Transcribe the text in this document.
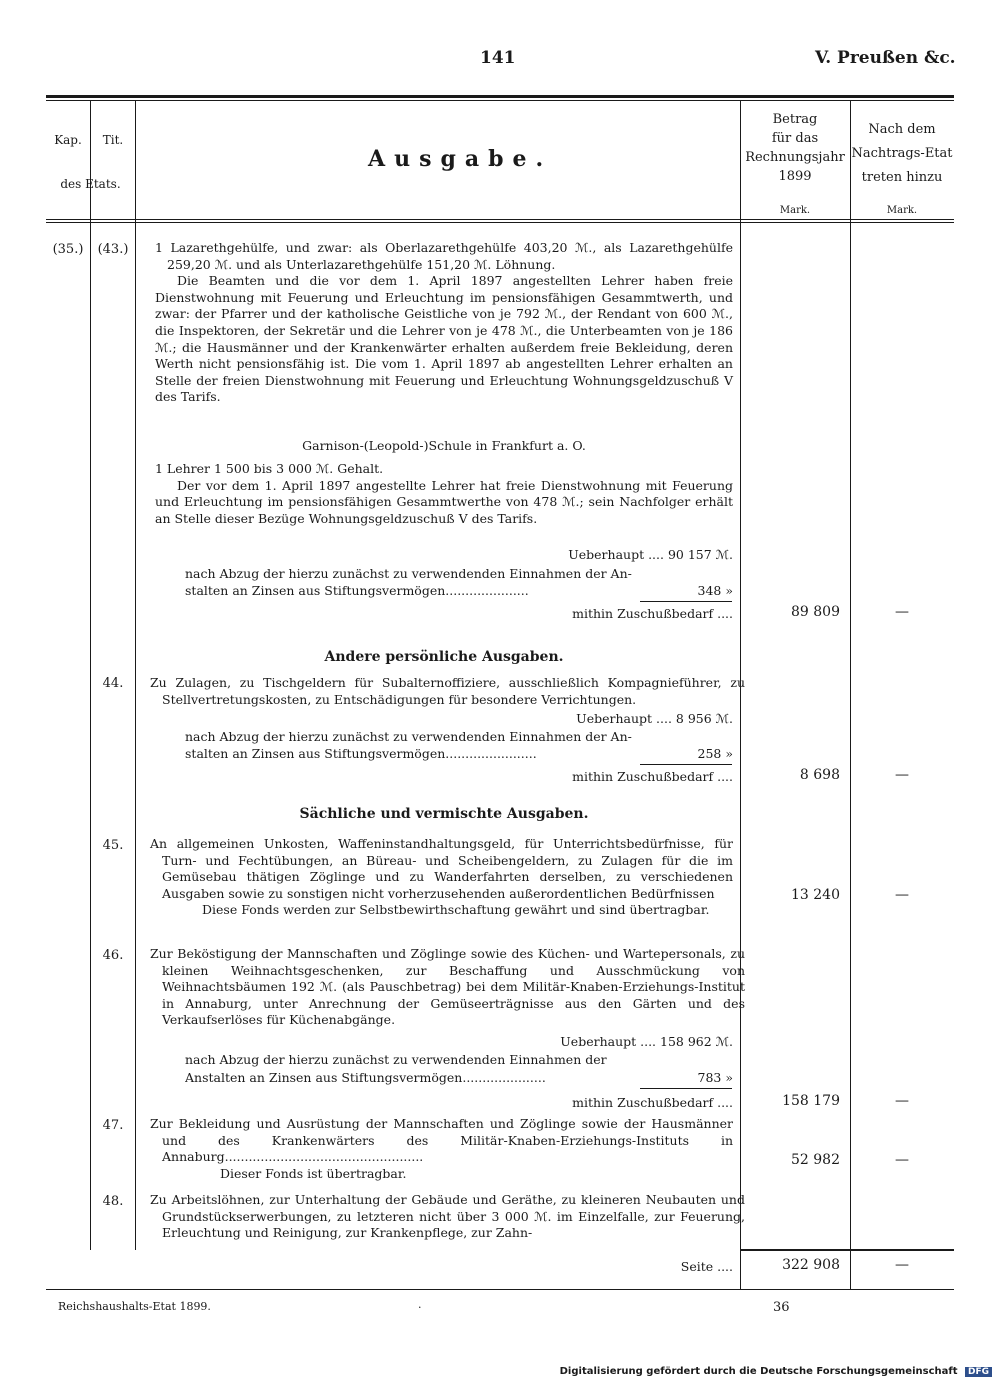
141	V. Preußen &c.
Kap.	Tit.
des Etats.
Ausgabe.
Betrag
für das
Rechnungsjahr
1899
Nach dem
Nachtrags-Etat
treten hinzu
Mark.	Mark.
(35.)	(43.)	1 Lazarethgehülfe, und zwar: als Oberlazarethgehülfe 403,20 ℳ., als Lazarethgehülfe 259,20 ℳ. und als Unterlazarethgehülfe 151,20 ℳ. Löhnung.

Die Beamten und die vor dem 1. April 1897 angestellten Lehrer haben freie Dienstwohnung mit Feuerung und Erleuchtung im pensionsfähigen Gesammtwerth, und zwar: der Pfarrer und der katholische Geistliche von je 792 ℳ., der Rendant von 600 ℳ., die Inspektoren, der Sekretär und die Lehrer von je 478 ℳ., die Unterbeamten von je 186 ℳ.; die Hausmänner und der Krankenwärter erhalten außerdem freie Bekleidung, deren Werth nicht pensionsfähig ist. Die vom 1. April 1897 ab angestellten Lehrer erhalten an Stelle der freien Dienstwohnung mit Feuerung und Erleuchtung Wohnungsgeldzuschuß V des Tarifs.

Garnison-(Leopold-)Schule in Frankfurt a. O.

1 Lehrer 1 500 bis 3 000 ℳ. Gehalt.

Der vor dem 1. April 1897 angestellte Lehrer hat freie Dienstwohnung mit Feuerung und Erleuchtung im pensionsfähigen Gesammtwerthe von 478 ℳ.; sein Nachfolger erhält an Stelle dieser Bezüge Wohnungsgeldzuschuß V des Tarifs.

Ueberhaupt .... 90 157 ℳ.
nach Abzug der hierzu zunächst zu verwendenden Einnahmen der An-
stalten an Zinsen aus Stiftungsvermögen.....................	348 »
mithin Zuschußbedarf ....	89 809	—
Andere persönliche Ausgaben.
44.	Zu Zulagen, zu Tischgeldern für Subalternoffiziere, ausschließlich Kompagnieführer, zu Stellvertretungskosten, zu Entschädigungen für besondere Verrichtungen.
Ueberhaupt .... 8 956 ℳ.
nach Abzug der hierzu zunächst zu verwendenden Einnahmen der An-
stalten an Zinsen aus Stiftungsvermögen.......................	258 »
mithin Zuschußbedarf ....	8 698	—
Sächliche und vermischte Ausgaben.
45.	An allgemeinen Unkosten, Waffeninstandhaltungsgeld, für Unterrichtsbedürfnisse, für Turn- und Fechtübungen, an Büreau- und Scheibengeldern, zu Zulagen für die im Gemüsebau thätigen Zöglinge und zu Wanderfahrten derselben, zu verschiedenen Ausgaben sowie zu sonstigen nicht vorherzusehenden außerordentlichen Bedürfnissen

Diese Fonds werden zur Selbstbewirthschaftung gewährt und sind übertragbar.

13 240	—
46.	Zur Beköstigung der Mannschaften und Zöglinge sowie des Küchen- und Wartepersonals, zu kleinen Weihnachtsgeschenken, zur Beschaffung und Ausschmückung von Weihnachtsbäumen 192 ℳ. (als Pauschbetrag) bei dem Militär-Knaben-Erziehungs-Institut in Annaburg, unter Anrechnung der Gemüseerträgnisse aus den Gärten und des Verkaufserlöses für Küchenabgänge.
Ueberhaupt .... 158 962 ℳ.
nach Abzug der hierzu zunächst zu verwendenden Einnahmen der
Anstalten an Zinsen aus Stiftungsvermögen.....................	783 »
mithin Zuschußbedarf ....	158 179	—
47.	Zur Bekleidung und Ausrüstung der Mannschaften und Zöglinge sowie der Hausmänner und des Krankenwärters des Militär-Knaben-Erziehungs-Instituts in Annaburg..................................................

Dieser Fonds ist übertragbar.

52 982	—
48.	Zu Arbeitslöhnen, zur Unterhaltung der Gebäude und Geräthe, zu kleineren Neubauten und Grundstückserwerbungen, zu letzteren nicht über 3 000 ℳ. im Einzelfalle, zur Feuerung, Erleuchtung und Reinigung, zur Krankenpflege, zur Zahn-
Seite ....	322 908	—
Reichshaushalts-Etat 1899.	.	36
Digitalisierung gefördert durch die Deutsche Forschungsgemeinschaft DFG
